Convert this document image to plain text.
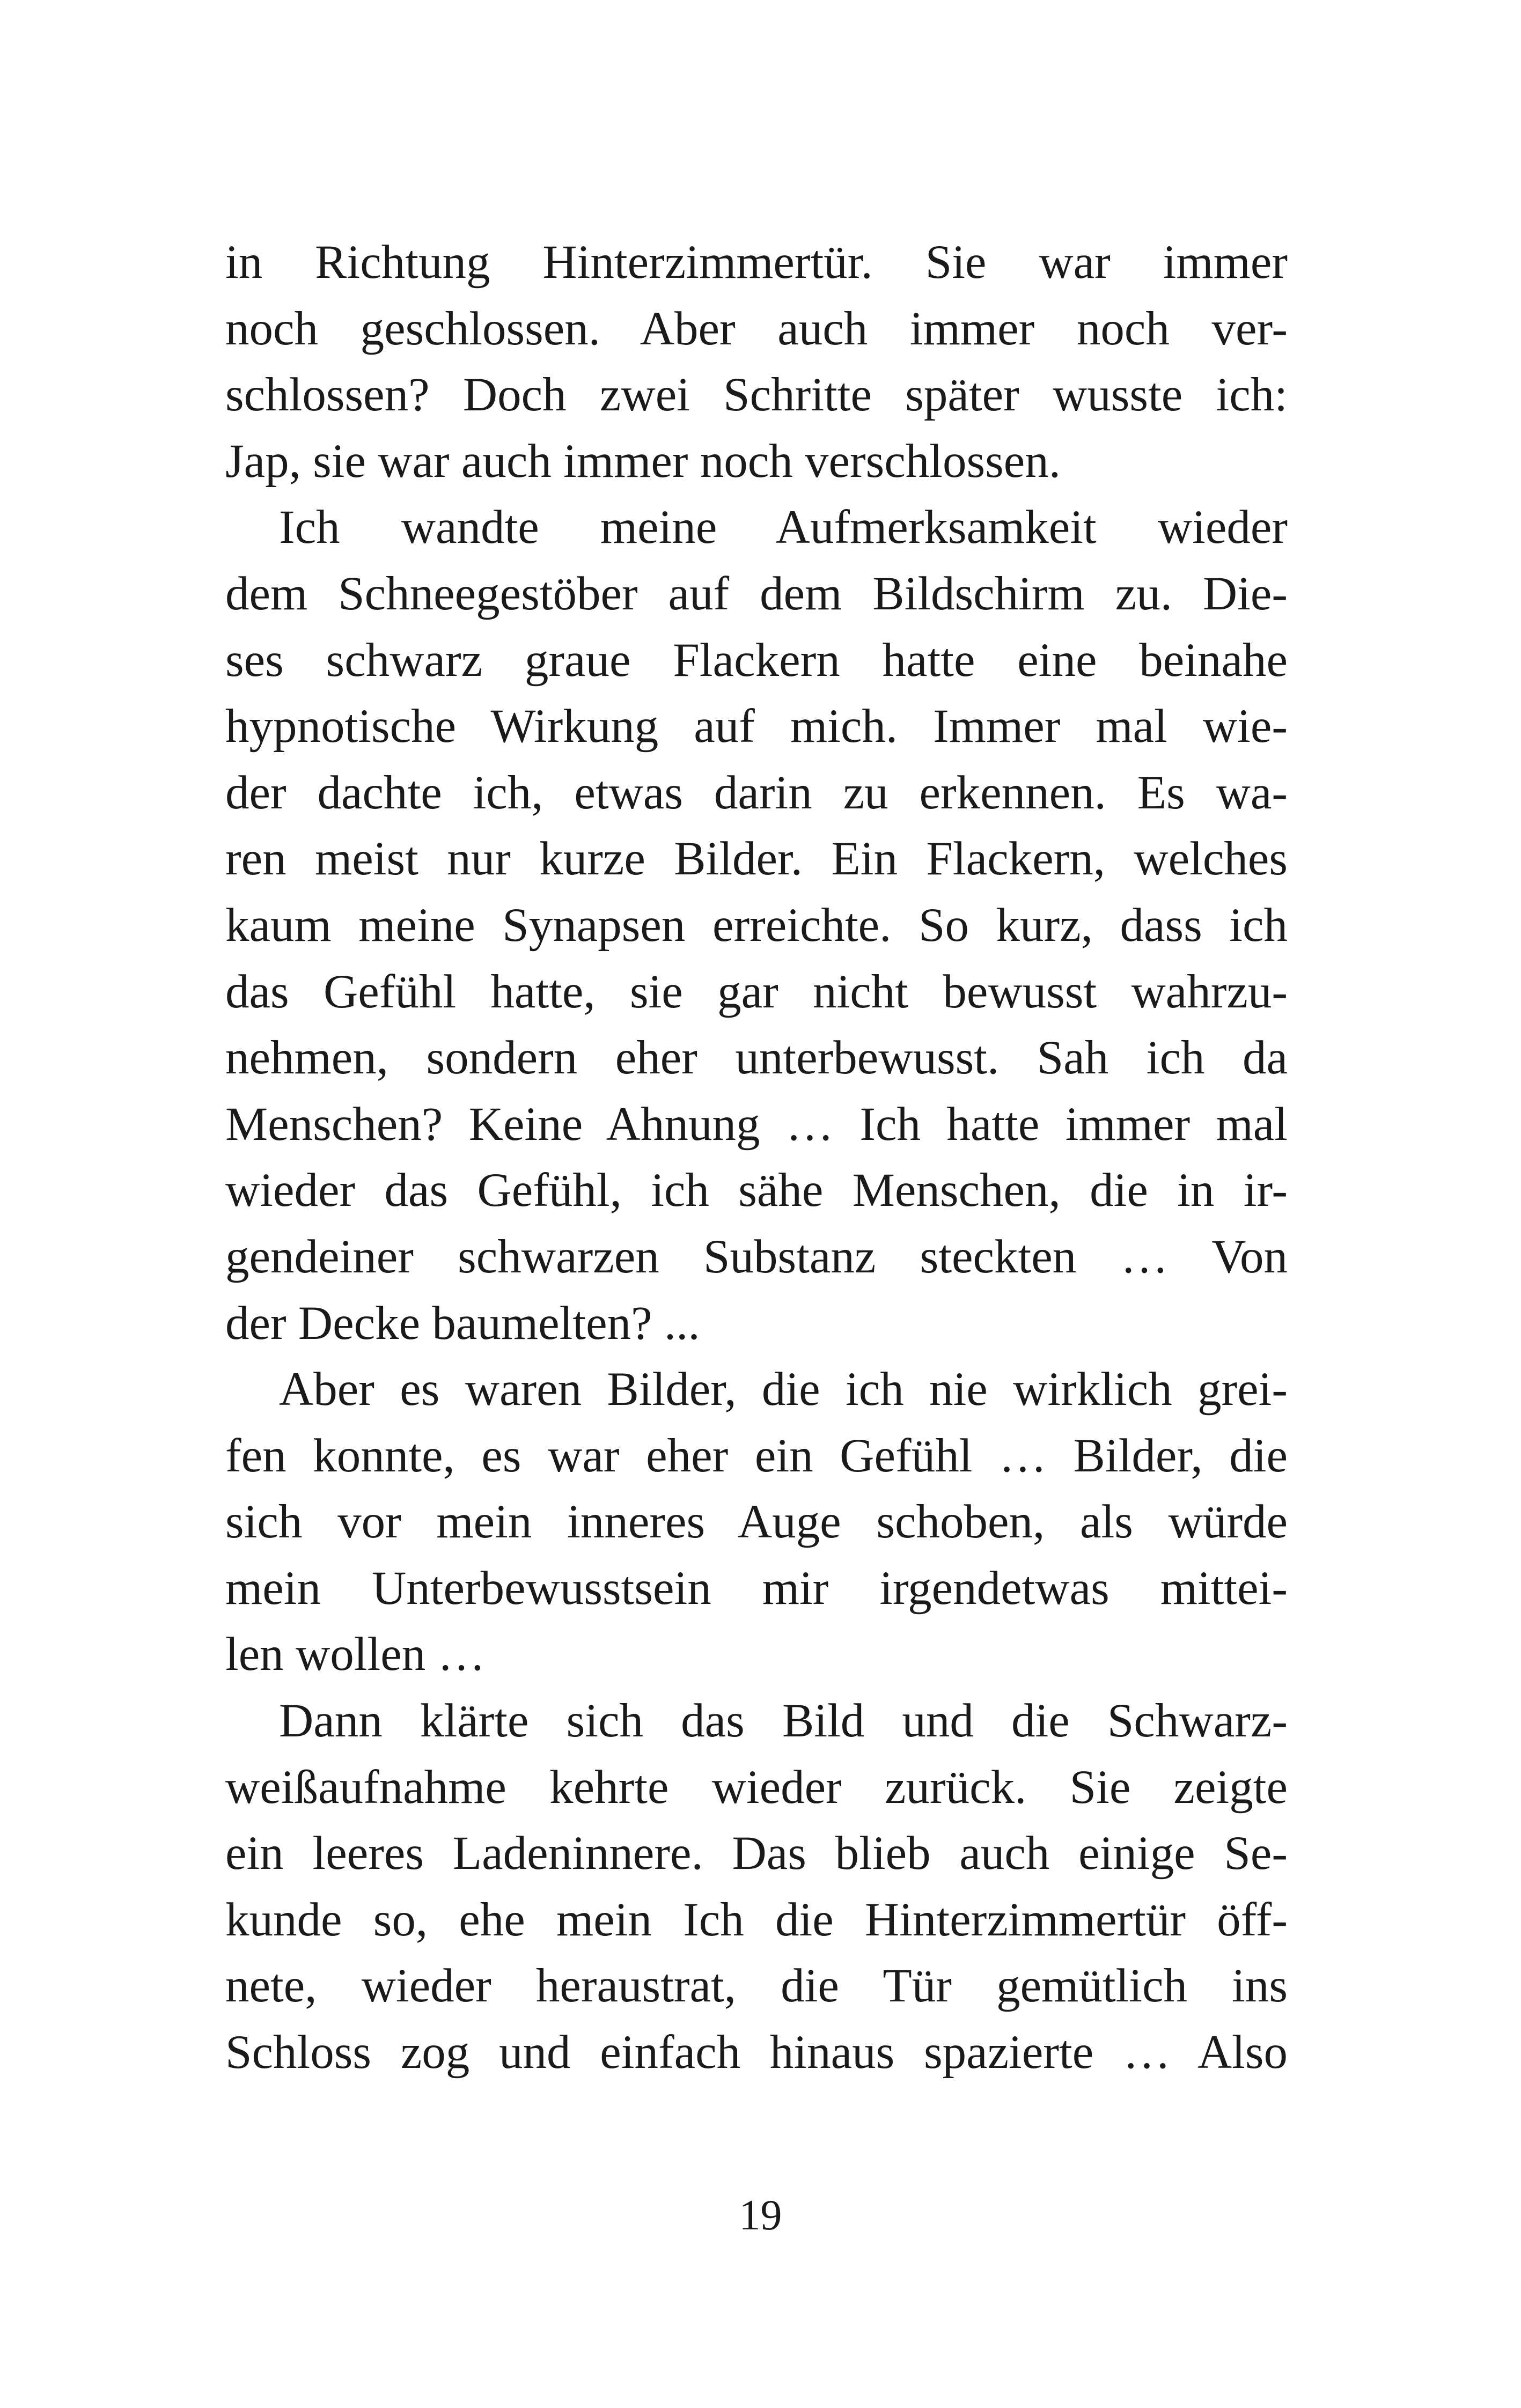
in Richtung Hinterzimmertür. Sie war immer
noch geschlossen. Aber auch immer noch ver-
schlossen? Doch zwei Schritte später wusste ich:
Jap, sie war auch immer noch verschlossen.
Ich wandte meine Aufmerksamkeit wieder
dem Schneegestöber auf dem Bildschirm zu. Die-
ses schwarz graue Flackern hatte eine beinahe
hypnotische Wirkung auf mich. Immer mal wie-
der dachte ich, etwas darin zu erkennen. Es wa-
ren meist nur kurze Bilder. Ein Flackern, welches
kaum meine Synapsen erreichte. So kurz, dass ich
das Gefühl hatte, sie gar nicht bewusst wahrzu-
nehmen, sondern eher unterbewusst. Sah ich da
Menschen? Keine Ahnung … Ich hatte immer mal
wieder das Gefühl, ich sähe Menschen, die in ir-
gendeiner schwarzen Substanz steckten … Von
der Decke baumelten? ...
Aber es waren Bilder, die ich nie wirklich grei-
fen konnte, es war eher ein Gefühl … Bilder, die
sich vor mein inneres Auge schoben, als würde
mein Unterbewusstsein mir irgendetwas mittei-
len wollen …
Dann klärte sich das Bild und die Schwarz-
weißaufnahme kehrte wieder zurück. Sie zeigte
ein leeres Ladeninnere. Das blieb auch einige Se-
kunde so, ehe mein Ich die Hinterzimmertür öff-
nete, wieder heraustrat, die Tür gemütlich ins
Schloss zog und einfach hinaus spazierte … Also
19
